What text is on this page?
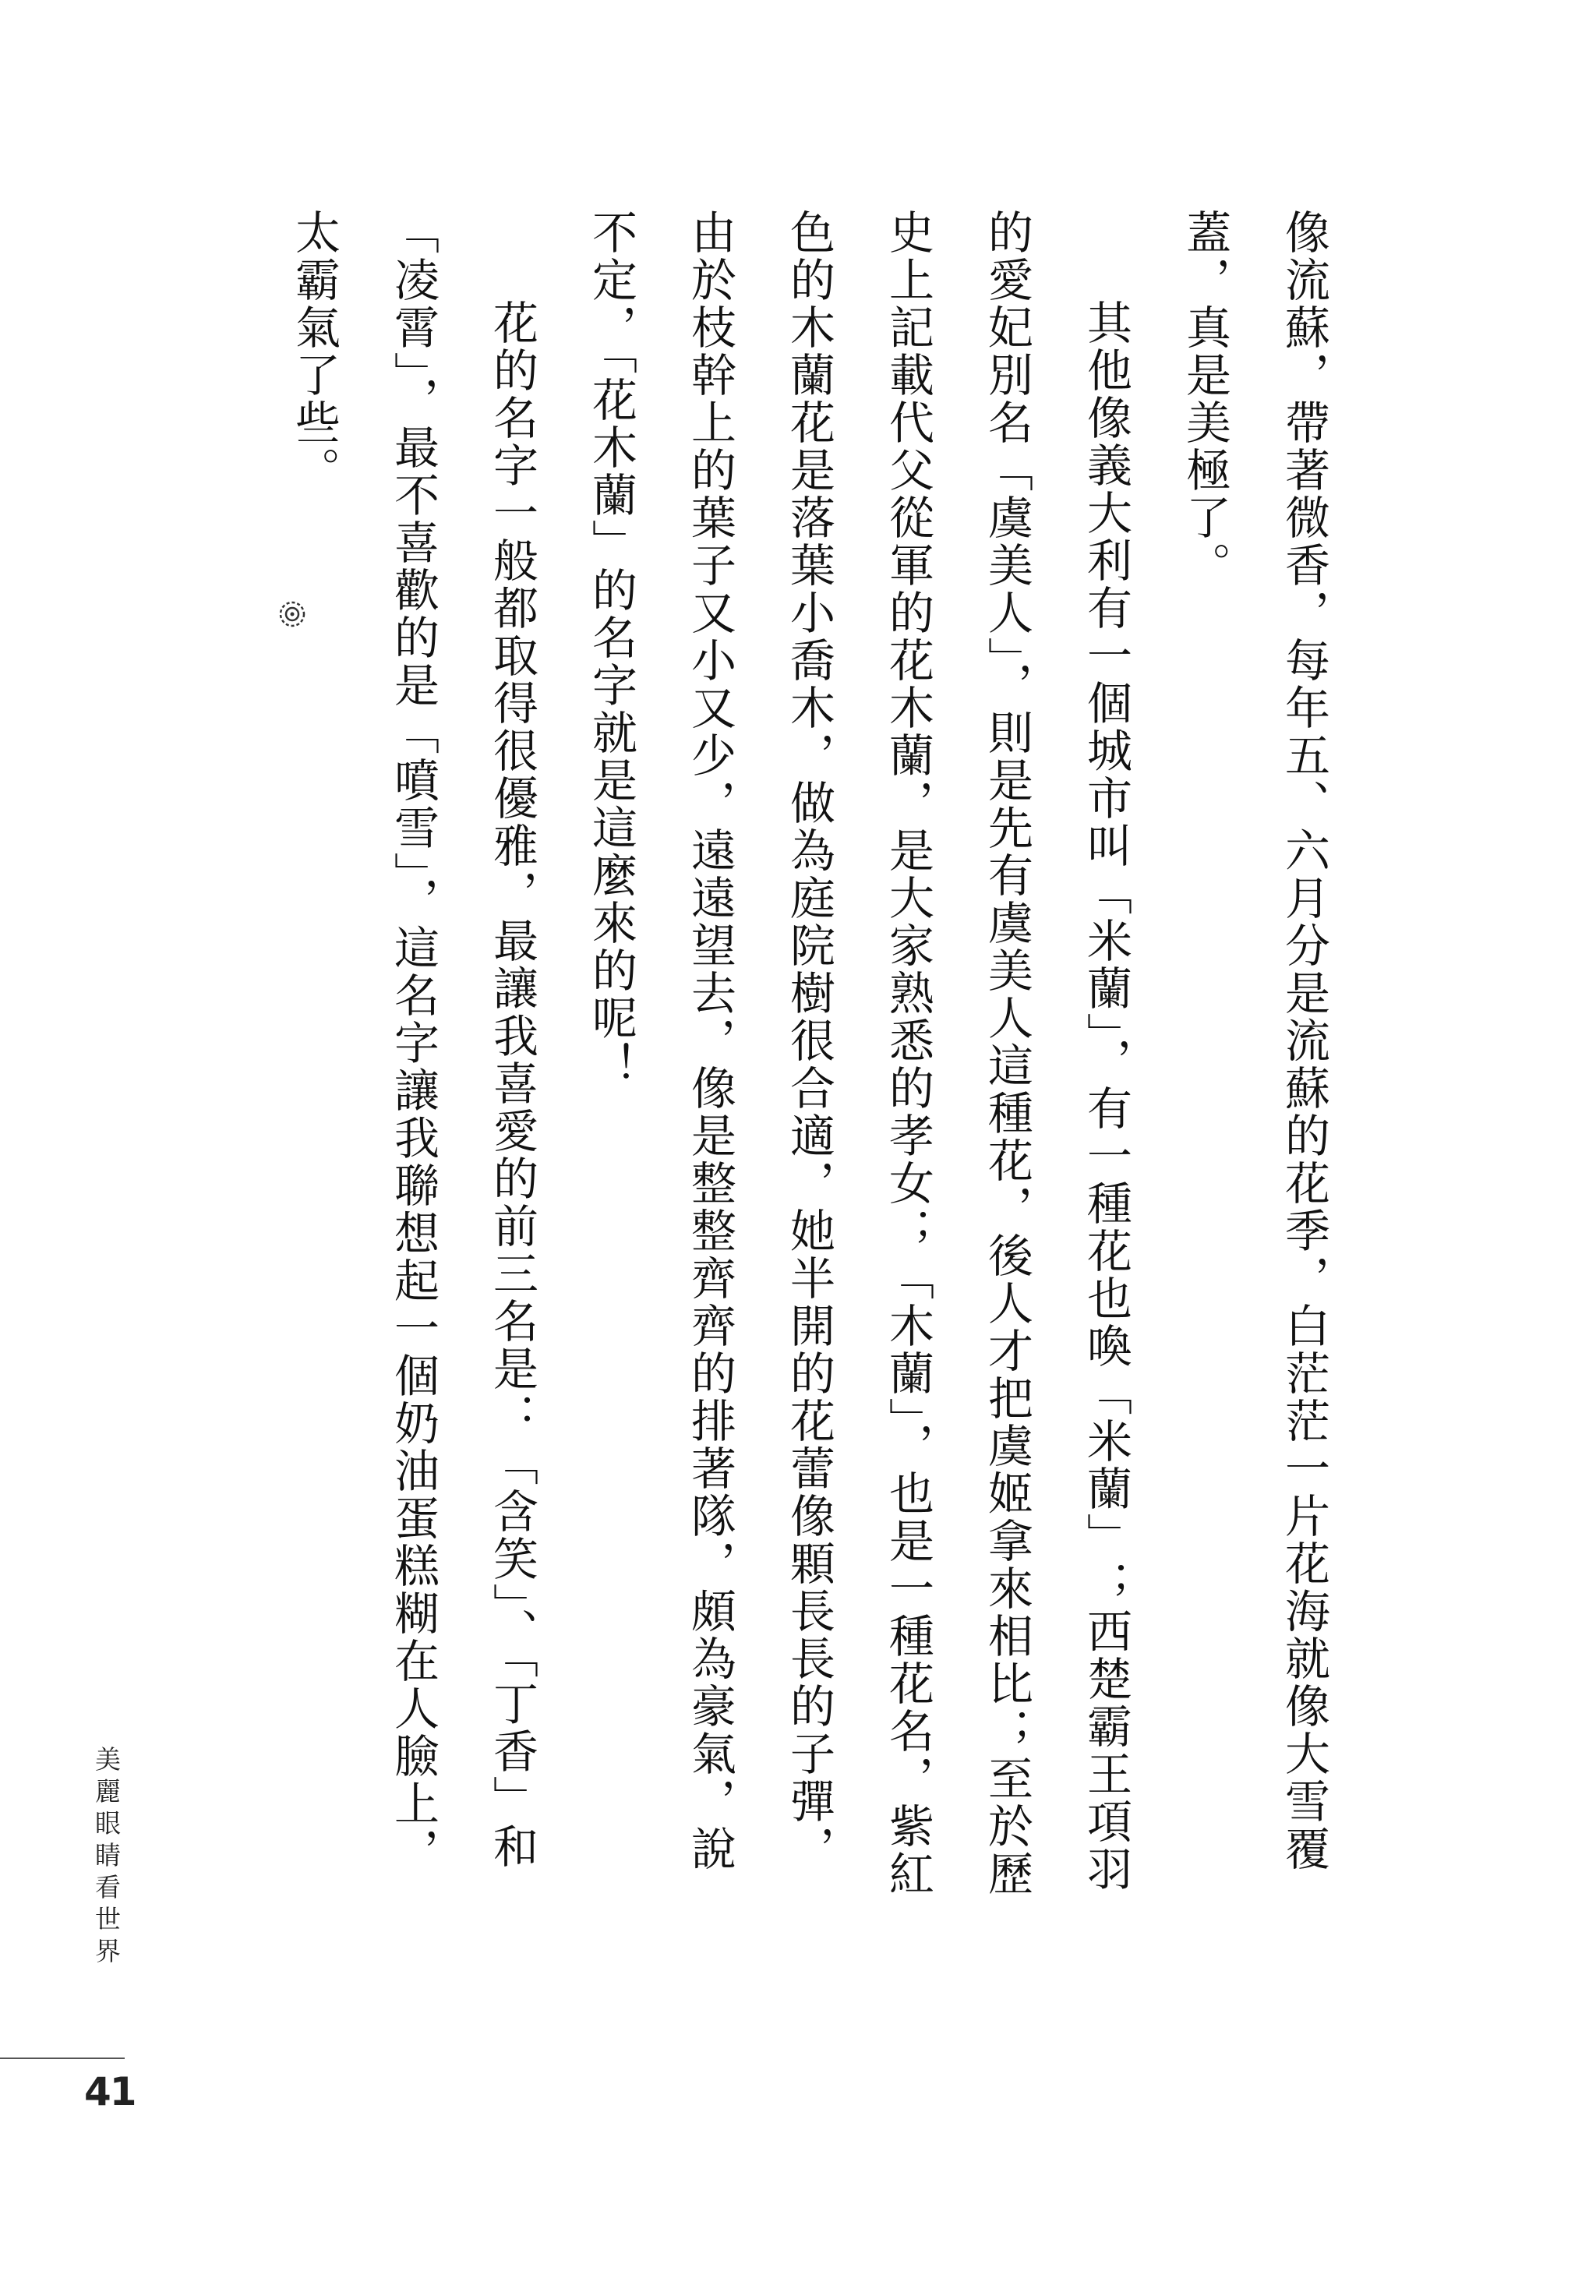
像流蘇，帶著微香，每年五、六月分是流蘇的花季，白茫茫一片花海就像大雪覆蓋，真是美極了。

其他像義大利有一個城市叫「米蘭」，有一種花也喚「米蘭」；西楚霸王項羽的愛妃別名「虞美人」，則是先有虞美人這種花，後人才把虞姬拿來相比；至於歷史上記載代父從軍的花木蘭，是大家熟悉的孝女；「木蘭」，也是一種花名，紫紅色的木蘭花是落葉小喬木，做為庭院樹很合適，她半開的花蕾像顆長長的子彈，由於枝幹上的葉子又小又少，遠遠望去，像是整整齊齊的排著隊，頗為豪氣，說不定，「花木蘭」的名字就是這麼來的呢！

花的名字一般都取得很優雅，最讓我喜愛的前三名是：「含笑」、「丁香」和「凌霄」，最不喜歡的是「噴雪」，這名字讓我聯想起一個奶油蛋糕糊在人臉上，太霸氣了些。

美麗眼睛看世界
41
